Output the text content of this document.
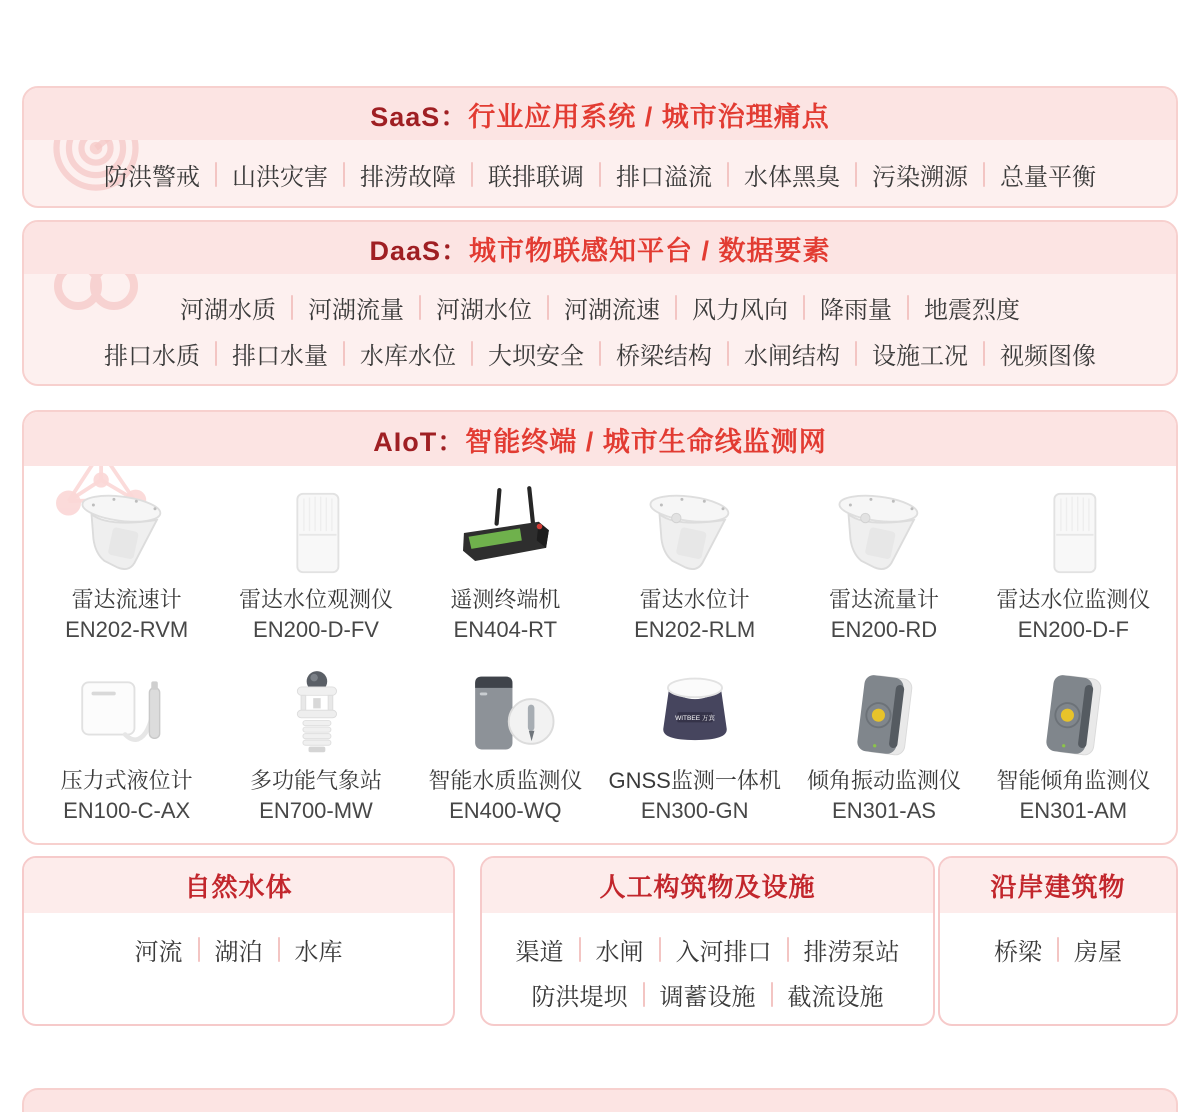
SaaS： 行业应用系统 / 城市治理痛点
防洪警戒	山洪灾害	排涝故障	联排联调	排口溢流	水体黑臭	污染溯源	总量平衡
DaaS： 城市物联感知平台 / 数据要素
河湖水质	河湖流量	河湖水位	河湖流速	风力风向	降雨量	地震烈度
排口水质	排口水量	水库水位	大坝安全	桥梁结构	水闸结构	设施工况	视频图像
AIoT： 智能终端 / 城市生命线监测网
雷达流速计
EN202-RVM
雷达水位观测仪
EN200-D-FV
遥测终端机
EN404-RT
雷达水位计
EN202-RLM
雷达流量计
EN200-RD
雷达水位监测仪
EN200-D-F
压力式液位计
EN100-C-AX
多功能气象站
EN700-MW
智能水质监测仪
EN400-WQ
WITBEE 万宾
GNSS监测一体机
EN300-GN
倾角振动监测仪
EN301-AS
智能倾角监测仪
EN301-AM
自然水体
河流	湖泊	水库
人工构筑物及设施
渠道	水闸	入河排口	排涝泵站
防洪堤坝	调蓄设施	截流设施
沿岸建筑物
桥梁	房屋
